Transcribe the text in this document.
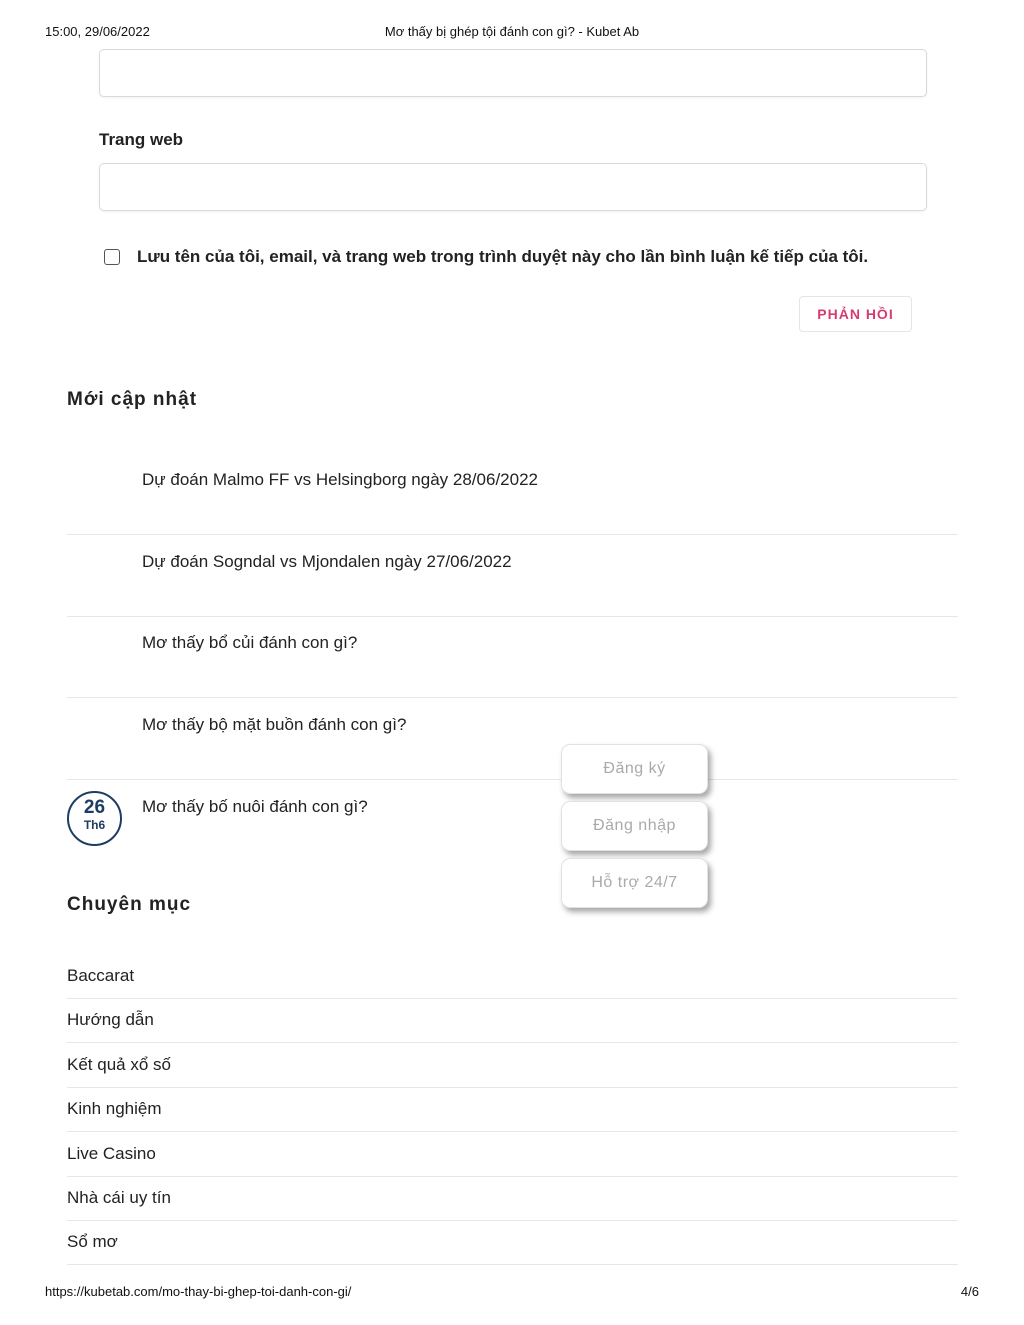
15:00, 29/06/2022	Mơ thấy bị ghép tội đánh con gì? - Kubet Ab
Trang web
Lưu tên của tôi, email, và trang web trong trình duyệt này cho lần bình luận kế tiếp của tôi.
PHẢN HỒI
Mới cập nhật
Dự đoán Malmo FF vs Helsingborg ngày 28/06/2022
Dự đoán Sogndal vs Mjondalen ngày 27/06/2022
Mơ thấy bổ củi đánh con gì?
Mơ thấy bộ mặt buồn đánh con gì?
Mơ thấy bố nuôi đánh con gì?
26
Th6
Chuyên mục
Baccarat
Hướng dẫn
Kết quả xổ số
Kinh nghiệm
Live Casino
Nhà cái uy tín
Sổ mơ
Đăng ký
Đăng nhập
Hỗ trợ 24/7
https://kubetab.com/mo-thay-bi-ghep-toi-danh-con-gi/	4/6
